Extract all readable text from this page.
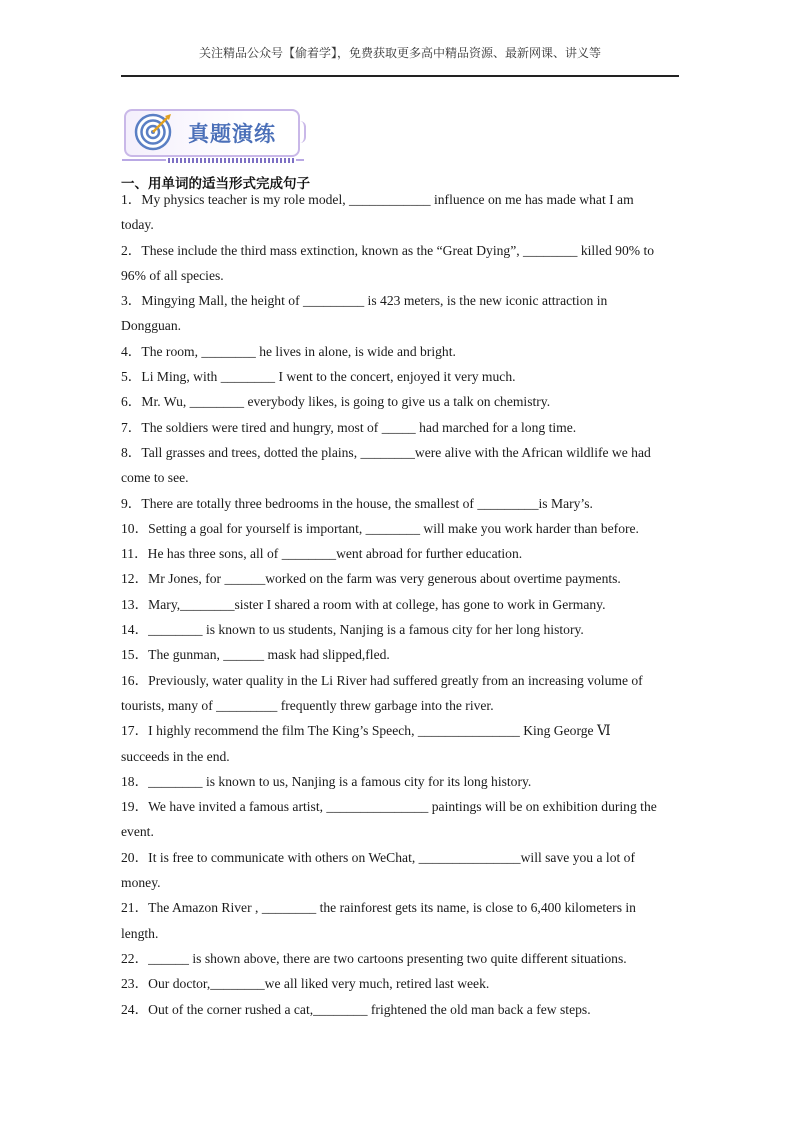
关注精品公众号【偷着学】，免费获取更多高中精品资源、最新网课、讲义等
真题演练
一、用单词的适当形式完成句子
1．My physics teacher is my role model, ____________ influence on me has made what I am
today.
2．These include the third mass extinction, known as the “Great Dying”, ________ killed 90% to
96% of all species.
3．Mingying Mall, the height of _________ is 423 meters, is the new iconic attraction in
Dongguan.
4．The room, ________ he lives in alone, is wide and bright.
5．Li Ming, with ________ I went to the concert, enjoyed it very much.
6．Mr. Wu, ________ everybody likes, is going to give us a talk on chemistry.
7．The soldiers were tired and hungry, most of _____ had marched for a long time.
8．Tall grasses and trees, dotted the plains, ________were alive with the African wildlife we had
come to see.
9．There are totally three bedrooms in the house, the smallest of _________is Mary’s.
10．Setting a goal for yourself is important, ________ will make you work harder than before.
11．He has three sons, all of ________went abroad for further education.
12．Mr Jones, for ______worked on the farm was very generous about overtime payments.
13．Mary,________sister I shared a room with at college, has gone to work in Germany.
14．________ is known to us students, Nanjing is a famous city for her long history.
15．The gunman, ______ mask had slipped,fled.
16．Previously, water quality in the Li River had suffered greatly from an increasing volume of
tourists, many of _________ frequently threw garbage into the river.
17．I highly recommend the film The King’s Speech, _______________ King George Ⅵ
succeeds in the end.
18．________ is known to us, Nanjing is a famous city for its long history.
19．We have invited a famous artist, _______________ paintings will be on exhibition during the
event.
20．It is free to communicate with others on WeChat, _______________will save you a lot of
money.
21．The Amazon River , ________ the rainforest gets its name, is close to 6,400 kilometers in
length.
22．______ is shown above, there are two cartoons presenting two quite different situations.
23．Our doctor,________we all liked very much, retired last week.
24．Out of the corner rushed a cat,________ frightened the old man back a few steps.
